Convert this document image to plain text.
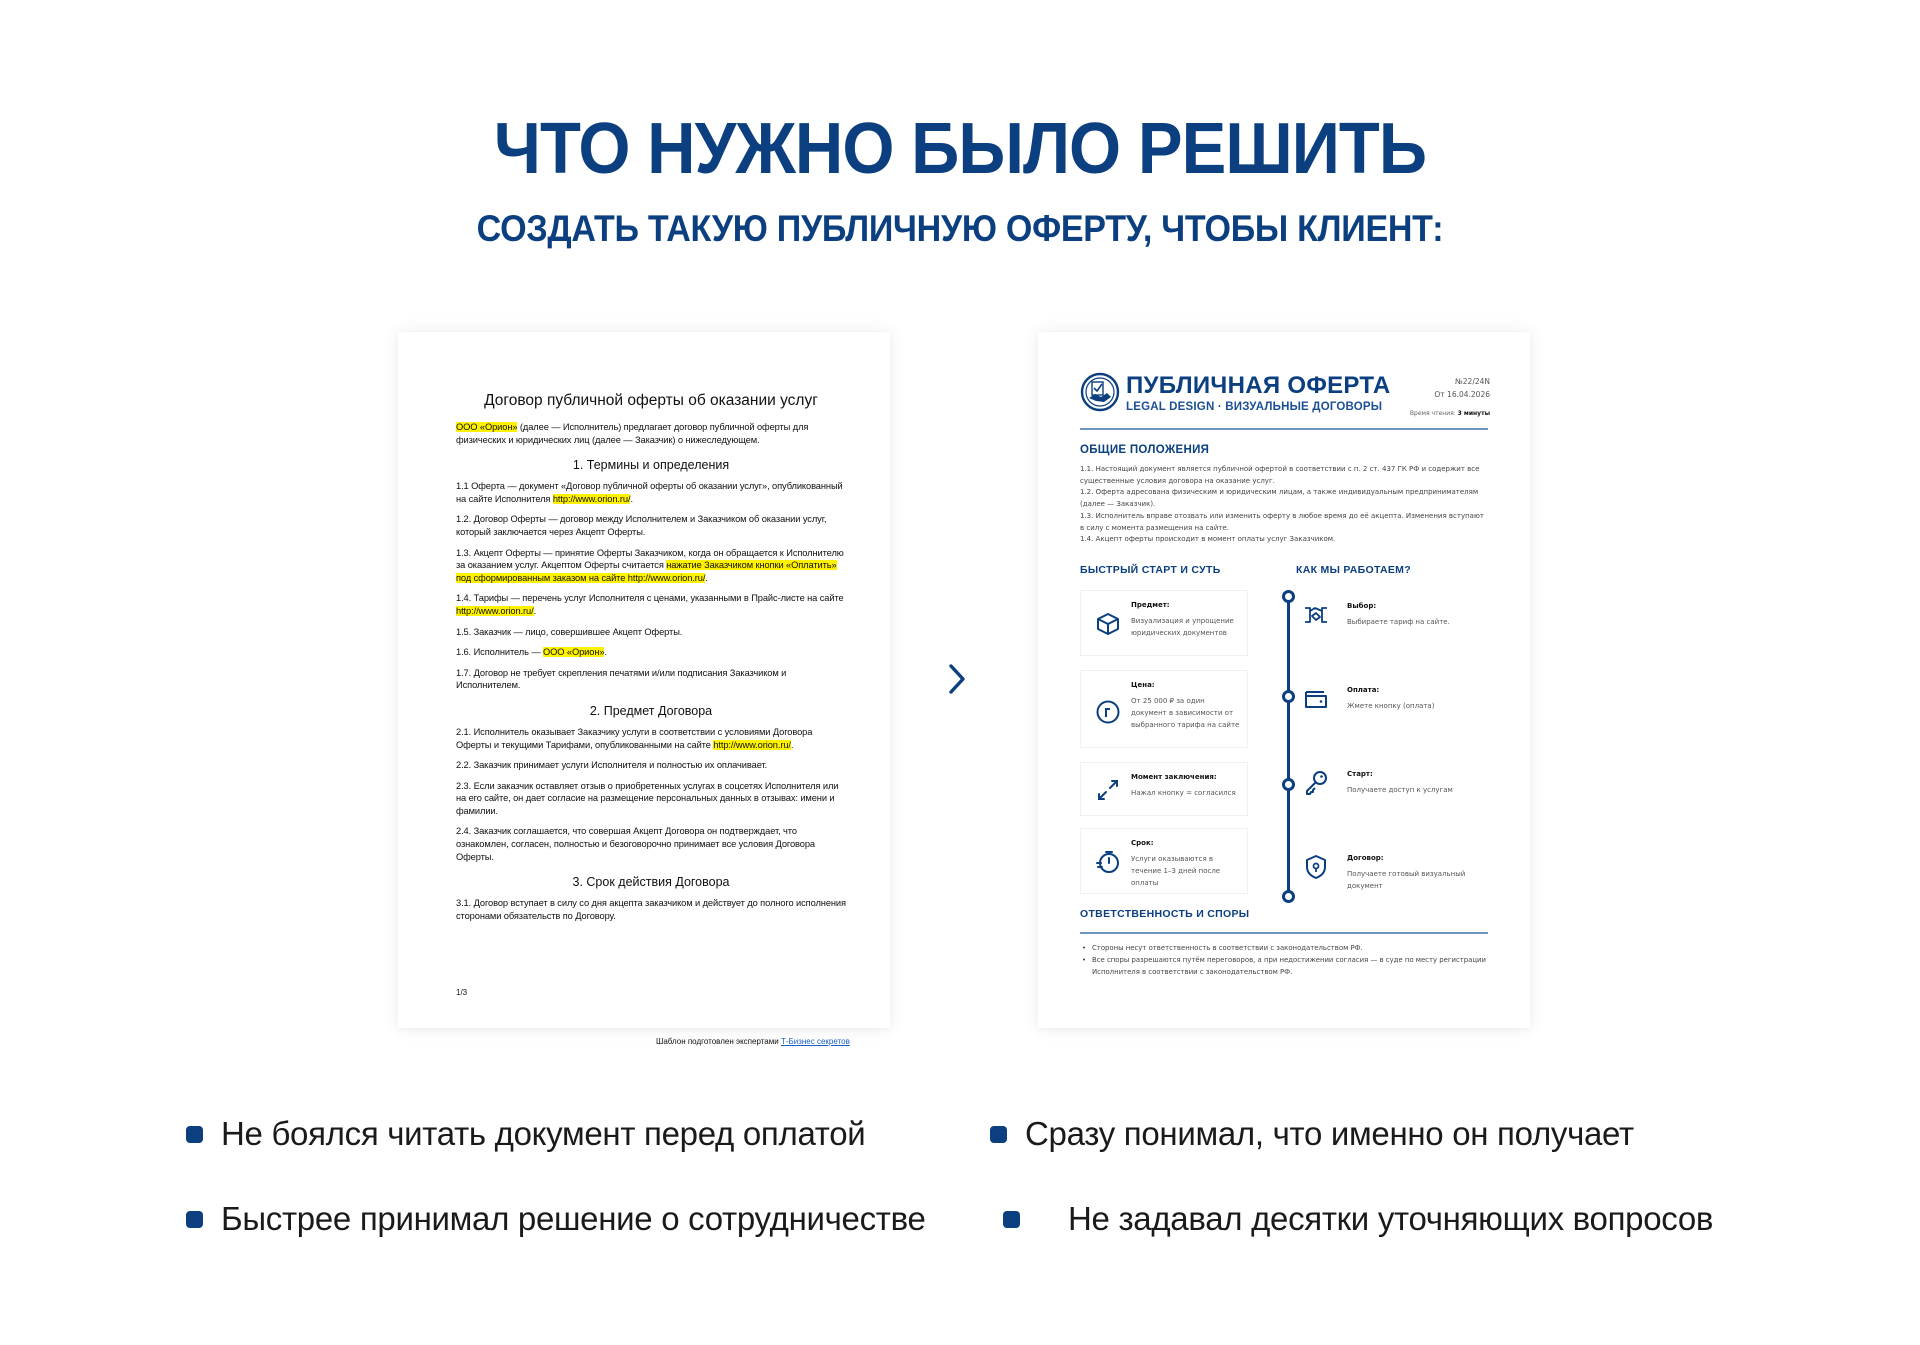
ЧТО НУЖНО БЫЛО РЕШИТЬ
СОЗДАТЬ ТАКУЮ ПУБЛИЧНУЮ ОФЕРТУ, ЧТОБЫ КЛИЕНТ:
Договор публичной оферты об оказании услуг

ООО «Орион» (далее — Исполнитель) предлагает договор публичной оферты для физических и юридических лиц (далее — Заказчик) о нижеследующем.

1. Термины и определения

1.1 Оферта — документ «Договор публичной оферты об оказании услуг», опубликованный на сайте Исполнителя http://www.orion.ru/.

1.2. Договор Оферты — договор между Исполнителем и Заказчиком об оказании услуг, который заключается через Акцепт Оферты.

1.3. Акцепт Оферты — принятие Оферты Заказчиком, когда он обращается к Исполнителю за оказанием услуг. Акцептом Оферты считается нажатие Заказчиком кнопки «Оплатить» под сформированным заказом на сайте http://www.orion.ru/.

1.4. Тарифы — перечень услуг Исполнителя с ценами, указанными в Прайс-листе на сайте http://www.orion.ru/.

1.5. Заказчик — лицо, совершившее Акцепт Оферты.

1.6. Исполнитель — ООО «Орион».

1.7. Договор не требует скрепления печатями и/или подписания Заказчиком и Исполнителем.

2. Предмет Договора

2.1. Исполнитель оказывает Заказчику услуги в соответствии с условиями Договора Оферты и текущими Тарифами, опубликованными на сайте http://www.orion.ru/.

2.2. Заказчик принимает услуги Исполнителя и полностью их оплачивает.

2.3. Если заказчик оставляет отзыв о приобретенных услугах в соцсетях Исполнителя или на его сайте, он дает согласие на размещение персональных данных в отзывах: имени и фамилии.

2.4. Заказчик соглашается, что совершая Акцепт Договора он подтверждает, что ознакомлен, согласен, полностью и безоговорочно принимает все условия Договора Оферты.

3. Срок действия Договора

3.1. Договор вступает в силу со дня акцепта заказчиком и действует до полного исполнения сторонами обязательств по Договору.

Шаблон подготовлен экспертами Т-Бизнес секретов
1/3
ПУБЛИЧНАЯ ОФЕРТА
LEGAL DESIGN · ВИЗУАЛЬНЫЕ ДОГОВОРЫ
№22/24N
От 16.04.2026
Время чтения: 3 минуты
ОБЩИЕ ПОЛОЖЕНИЯ
1.1. Настоящий документ является публичной офертой в соответствии с п. 2 ст. 437 ГК РФ и содержит все существенные условия договора на оказание услуг.
1.2. Оферта адресована физическим и юридическим лицам, а также индивидуальным предпринимателям (далее — Заказчик).
1.3. Исполнитель вправе отозвать или изменить оферту в любое время до её акцепта. Изменения вступают в силу с момента размещения на сайте.
1.4. Акцепт оферты происходит в момент оплаты услуг Заказчиком.
БЫСТРЫЙ СТАРТ И СУТЬ	КАК МЫ РАБОТАЕМ?
Предмет:
Визуализация и упрощение юридических документов
Цена:
От 25 000 ₽ за один документ в зависимости от выбранного тарифа на сайте
Момент заключения:
Нажал кнопку = согласился
Срок:
Услуги оказываются в течение 1–3 дней после оплаты
Выбор:
Выбираете тариф на сайте.
Оплата:
Жмете кнопку (оплата)
Старт:
Получаете доступ к услугам
Договор:
Получаете готовый визуальный документ
ОТВЕТСТВЕННОСТЬ И СПОРЫ
• Стороны несут ответственность в соответствии с законодательством РФ.
• Все споры разрешаются путём переговоров, а при недостижении согласия — в суде по месту регистрации Исполнителя в соответствии с законодательством РФ.
Не боялся читать документ перед оплатой	Сразу понимал, что именно он получает
Быстрее принимал решение о сотрудничестве	Не задавал десятки уточняющих вопросов
